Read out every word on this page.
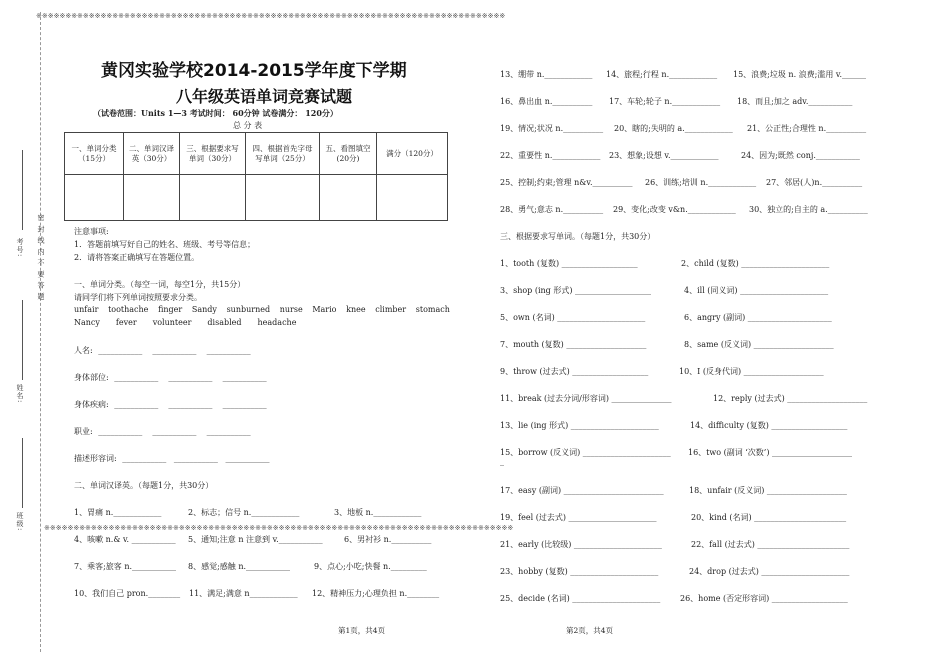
※※※※※※※※※※※※※※※※※※※※※※※※※※※※※※※※※※※※※※※※※※※※※※※※※※※※※※※※※※※※※※※※※※※※※※※※※※※※※※※※
※※※※※※※※※※※※※※※※※※※※※※※※※※※※※※※※※※※※※※※※※※※※※※※※※※※※※※※※※※※※※※※※※※※※※※※※※※※※※※※※
密 封 线 内 不 要 答 题
考号:
姓名:
班级:
黄冈实验学校2014-2015学年度下学期
八年级英语单词竞赛试题
（试卷范围：Units 1—3 考试时间： 60分钟 试卷满分： 120分）
总 分 表
一、单词分类（15分）	二、单词汉译英（30分）	三、根据要求写单词（30分）	四、根据首先字母写单词（25分）	五、看图填空(20分)	满分（120分）

注意事项:
1．答题前填写好自己的姓名、班级、考号等信息；
2．请将答案正确填写在答题位置。
一、单词分类。（每空一词，每空1分，共15分）
请同学们将下列单词按照要求分类。
unfair toothache finger Sandy sunburned nurse Mario knee climber stomach
Nancy fever volunteer disabled headache
人名: ___________    ___________    ___________
身体部位: ___________    ___________    ___________
身体疾病: ___________    ___________    ___________
职业: ___________    ___________    ___________
描述形容词: ___________   ___________   ___________
二、单词汉译英。（每题1分，共30分）
1、胃痛 n.____________	2、标志；信号 n.____________	3、地板 n.____________
4、咳嗽 n.& v. ___________ 5、通知;注意 n 注意到 v.___________	6、男衬衫 n.__________
7、乘客;旅客 n.___________ 8、感觉;感触 n.___________	9、点心;小吃;快餐 n._________
10、我们自己 pron.________ 11、满足;满意 n____________ 12、精神压力;心理负担 n.________
第1页，共4页
13、绷带 n.____________ 14、旅程;行程 n.____________ 15、浪费;垃圾 n. 浪费;滥用 v.______
16、鼻出血 n.__________ 17、车轮;轮子 n.____________ 18、而且;加之 adv.___________
19、情况;状况 n.__________ 20、瞎的;失明的 a.____________ 21、公正性;合理性 n.__________
22、重要性 n.____________ 23、想象;设想 v.____________	24、因为;既然 conj.___________
25、控制;约束;管理 n&v.__________ 26、训练;培训 n.____________ 27、邻居(人)n.__________
28、勇气;意志 n.__________ 29、变化;改变 v&n.____________ 30、独立的;自主的 a.__________
三、根据要求写单词。（每题1分，共30分）
1、tooth (复数) ___________________	2、child (复数) ______________________
3、shop (ing 形式) ___________________	4、ill (同义词) ______________________
5、own (名词) ______________________	6、angry (副词) _____________________
7、mouth (复数) ____________________	8、same (反义词) ____________________
9、throw (过去式) ___________________	10、I (反身代词) ____________________
11、break (过去分词/形容词) _______________	12、reply (过去式) ____________________
13、lie (ing 形式) ______________________	14、difficulty (复数) ___________________
15、borrow (反义词) ______________________ 16、two (副词 ‘次数’) ____________________
_
17、easy (副词) _________________________	18、unfair (反义词) ____________________
19、feel (过去式) ______________________	20、kind (名词) _______________________
21、early (比较级) ______________________	22、fall (过去式) _______________________
23、hobby (复数) ______________________	24、drop (过去式) ______________________
25、decide (名词) ______________________ 26、home (否定形容词) ___________________
第2页，共4页
